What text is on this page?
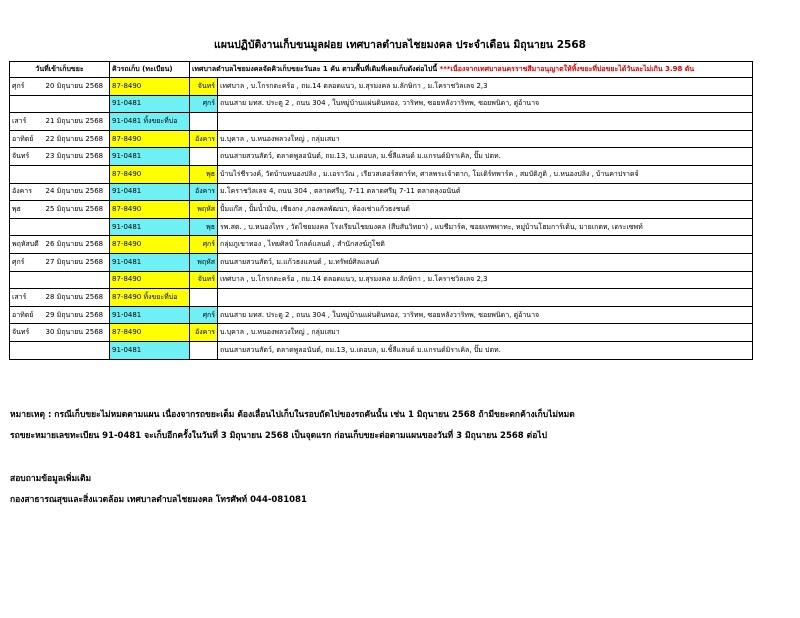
แผนปฏิบัติงานเก็บขนมูลฝอย เทศบาลตำบลไชยมงคล ประจำเดือน มิถุนายน 2568
วันที่เข้าเก็บขยะ		คิวรถเก็บ (ทะเบียน)	เทศบาลตำบลไชยมงคลจัดคิวเก็บขยะวันละ 1 คัน ตามพื้นที่เดิมที่เคยเก็บดังต่อไปนี้ ***เนื่องจากเทศบาลนครราชสีมาอนุญาตให้ทิ้งขยะที่บ่อขยะได้วันละไม่เกิน 3.98 ตัน	
ศุกร์	20 มิถุนายน 2568	87-8490	จันทร์	เทศบาล , บ.โกรกตะคร้อ , ถม.14 ตลอดแนว, ม.สุรมงคล ม.ลักษิกา , ม.โคราชวิลเลจ 2,3
		91-0481	ศุกร์	ถนนสาย มทส. ประตู 2 , ถนน 304 , ในหมู่บ้านแผ่นดินทอง, วาริทพ, ซอยหลังวาริทพ, ซอยพนิดา, ตู่อ้านาจ
เสาร์	21 มิถุนายน 2568	91-0481 ทิ้งขยะที่บ่อ		
อาทิตย์	22 มิถุนายน 2568	87-8490	อังคาร	บ.บุคาล , บ.หนองพลวงใหญ่ , กลุ่มเสมา
จันทร์	23 มิถุนายน 2568	91-0481		ถนนสายสวนสัตว์, ตลาดพูลอนันต์, ถม.13, บ.เดอบล, ม.ชิ้ลีแลนด์ ม.แกรนด์มิราเคิล, ปั๊ม ปตท.
		87-8490	พุธ	บ้านไร่ชีรวงค์, วัดบ้านหนองปลิง , ม.เอราวัณ , เรียวสเตอร์สตาร์ท, ศาลพระเจ้าตาก, โมเดิร์ทพาร์ค , สมบัติภูติ , บ.หนองปลิง , บ้านคาปราดจ์
อังคาร	24 มิถุนายน 2568	91-0481	อังคาร	ม.โคราชวิลเลจ 4, ถนน 304 , ตลาดศรีมุ, 7-11 ตลาดศรีมุ 7-11 ตลาดลุงอนันต์
พุธ	25 มิถุนายน 2568	87-8490	พฤหัส	ปั้มแก๊ส , ปั้มน้ำมัน, เชียงกง ,กองพลพัฒนา, ห้องเช่าแก้วธงชนต์
		91-0481	พุธ	รพ.สต. , บ.หนองไทร , วัดไชยมงคล โรงเรียนไชยมงคล (สืบสันวิทยา) , แบชีมาร์ค, ซอยเทพพาทะ, หมู่บ้านโฮมการ์เด้น, มายเกตท, เดระเซพท์
พฤหัสบดี	26 มิถุนายน 2568	87-8490	ศุกร์	กลุ่มภูเขาทอง , ไทยศิลป์ โกลด์แลนด์ , สำนักสงฆ์ภูโชติ
ศุกร์	27 มิถุนายน 2568	91-0481	พฤหัส	ถนนสายสวนสัตว์, ม.แก้วธงแลนด์ , ม.ทรัพย์ศิลแลนด์
		87-8490	จันทร์	เทศบาล , บ.โกรกตะคร้อ , ถม.14 ตลอดแนว, ม.สุรมงคล ม.ลักษิกา , ม.โคราชวิลเลจ 2,3
เสาร์	28 มิถุนายน 2568	87-8490 ทิ้งขยะที่บ่อ		
อาทิตย์	29 มิถุนายน 2568	91-0481	ศุกร์	ถนนสาย มทส. ประตู 2 , ถนน 304 , ในหมู่บ้านแผ่นดินทอง, วาริทพ, ซอยหลังวาริทพ, ซอยพนิดา, ตู่อ้านาจ
จันทร์	30 มิถุนายน 2568	87-8490	อังคาร	บ.บุคาล , บ.หนองพลวงใหญ่ , กลุ่มเสมา
		91-0481		ถนนสายสวนสัตว์, ตลาดพูลอนันต์, ถม.13, บ.เดอบล, ม.ชิ้ลีแลนด์ ม.แกรนด์มิราเคิล, ปั๊ม ปตท.
หมายเหตุ : กรณีเก็บขยะไม่หมดตามแผน เนื่องจากรถขยะเต็ม ต้องเลื่อนไปเก็บในรอบถัดไปของรถคันนั้น เช่น 1 มิถุนายน 2568 ถ้ามีขยะตกค้างเก็บไม่หมด
รถขยะหมายเลขทะเบียน 91-0481 จะเก็บอีกครั้งในวันที่ 3 มิถุนายน 2568 เป็นจุดแรก ก่อนเก็บขยะต่อตามแผนของวันที่ 3 มิถุนายน 2568 ต่อไป
สอบถามข้อมูลเพิ่มเติม
กองสาธารณสุขและสิ่งแวดล้อม เทศบาลตำบลไชยมงคล โทรศัพท์ 044-081081
